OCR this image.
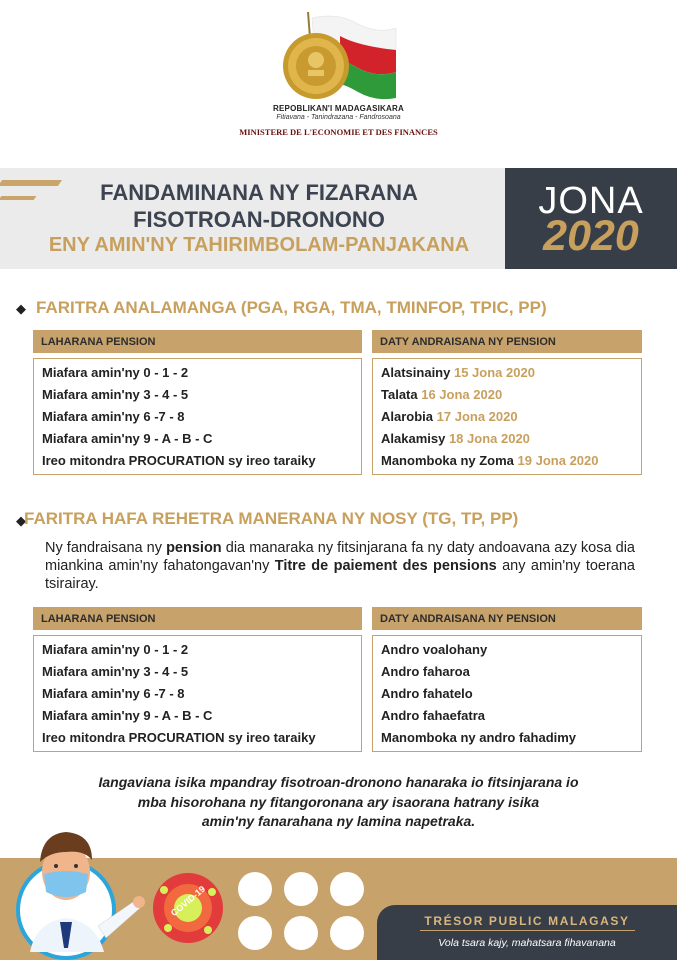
REPOBLIKAN'I MADAGASIKARA
Fitiavana - Tanindrazana - Fandrosoana
MINISTERE DE L'ECONOMIE ET DES FINANCES
FANDAMINANA NY FIZARANA
FISOTROAN-DRONONO
ENY AMIN'NY TAHIRIMBOLAM-PANJAKANA
JONA
2020
◆ FARITRA ANALAMANGA (PGA, RGA, TMA, TMINFOP, TPIC, PP)
LAHARANA PENSION	DATY ANDRAISANA NY PENSION
Miafara amin'ny 0 - 1 - 2
Miafara amin'ny 3 - 4 - 5
Miafara amin'ny 6 -7 - 8
Miafara amin'ny 9 - A - B - C
Ireo mitondra PROCURATION sy ireo taraiky
Alatsinainy 15 Jona 2020
Talata 16 Jona 2020
Alarobia 17 Jona 2020
Alakamisy 18 Jona 2020
Manomboka ny Zoma 19 Jona 2020
◆
FARITRA HAFA REHETRA MANERANA NY NOSY (TG, TP, PP)
Ny fandraisana ny pension dia manaraka ny fitsinjarana fa ny daty andoavana azy kosa dia miankina amin'ny fahatongavan'ny Titre de paiement des pensions any amin'ny toerana tsirairay.
LAHARANA PENSION	DATY ANDRAISANA NY PENSION
Miafara amin'ny 0 - 1 - 2
Miafara amin'ny 3 - 4 - 5
Miafara amin'ny 6 -7 - 8
Miafara amin'ny 9 - A - B - C
Ireo mitondra PROCURATION sy ireo taraiky
Andro voalohany
Andro faharoa
Andro fahatelo
Andro fahaefatra
Manomboka ny andro fahadimy
Iangaviana isika mpandray fisotroan-dronono hanaraka io fitsinjarana io
mba hisorohana ny fitangoronana ary isaorana hatrany isika
amin'ny fanarahana ny lamina napetraka.
COVID-19
TRÉSOR PUBLIC MALAGASY
Vola tsara kajy, mahatsara fihavanana
